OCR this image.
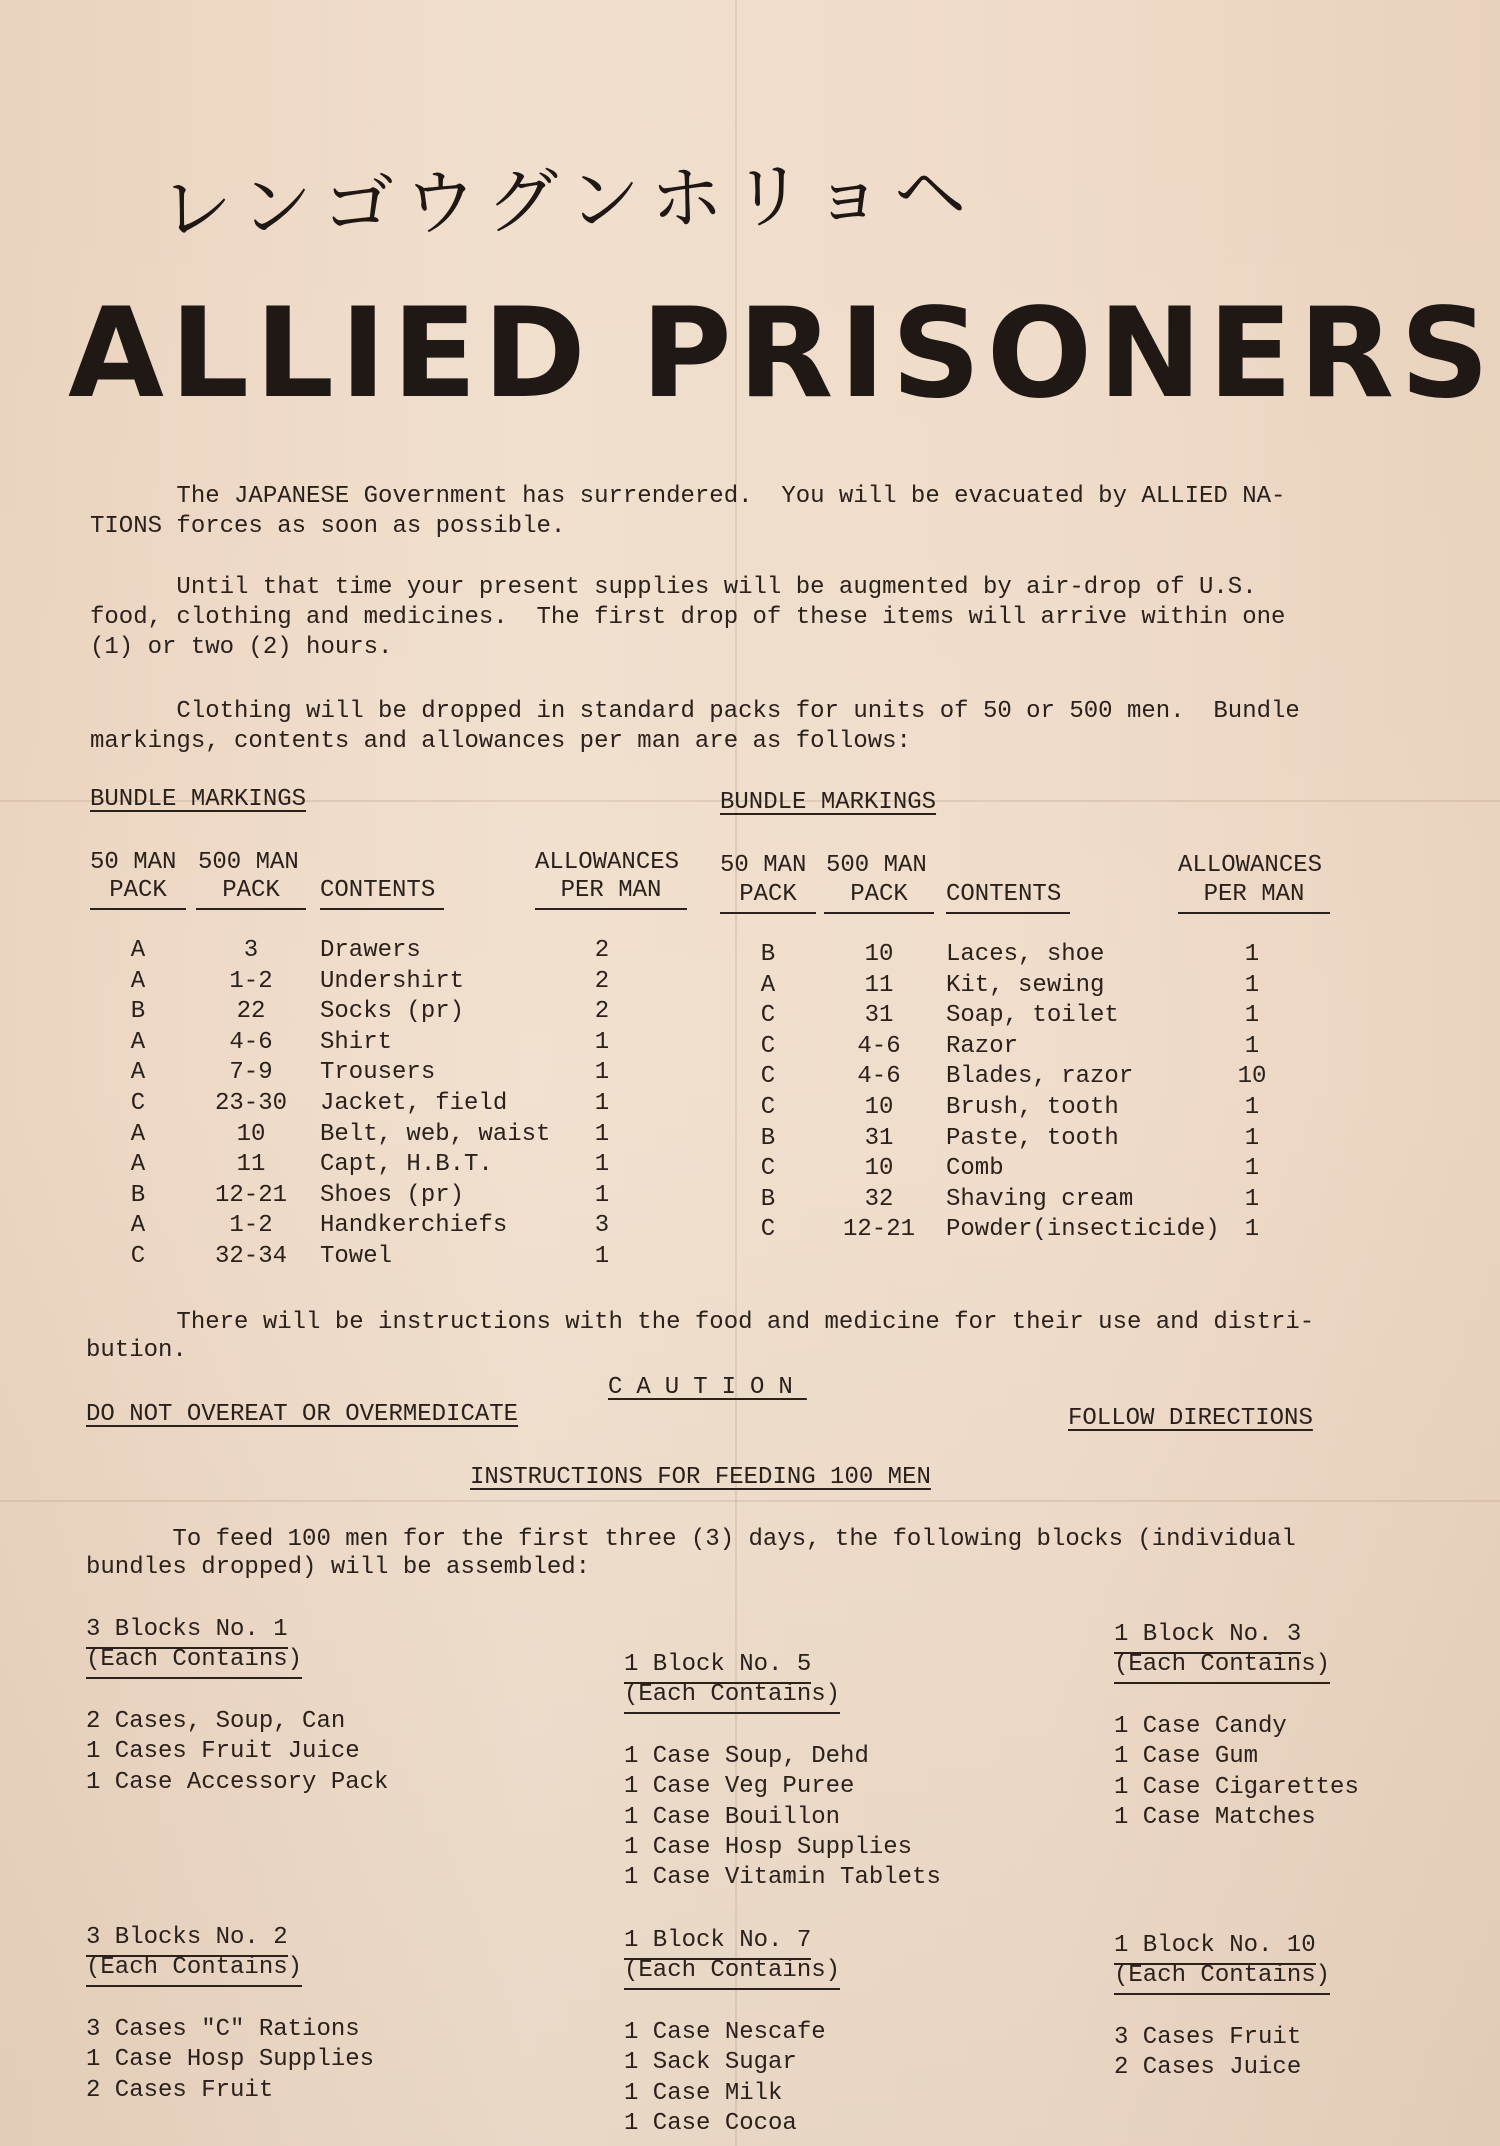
レンゴウグンホリョヘ
ALLIED PRISONERS
The JAPANESE Government has surrendered.  You will be evacuated by ALLIED NA-
TIONS forces as soon as possible.
Until that time your present supplies will be augmented by air-drop of U.S.
food, clothing and medicines.  The first drop of these items will arrive within one
(1) or two (2) hours.
Clothing will be dropped in standard packs for units of 50 or 500 men.  Bundle
markings, contents and allowances per man are as follows:
BUNDLE MARKINGS
50 MAN 500 MAN
PACK	PACK	CONTENTS
ALLOWANCES
PER MAN
BUNDLE MARKINGS
50 MAN 500 MAN
PACK	PACK	CONTENTS
ALLOWANCES
PER MAN
A	3	Drawers	2
A	1-2	Undershirt	2
B	22	Socks (pr)	2
A	4-6	Shirt	1
A	7-9	Trousers	1
C	23-30	Jacket, field	1
A	10	Belt, web, waist	1
A	11	Capt, H.B.T.	1
B	12-21	Shoes (pr)	1
A	1-2	Handkerchiefs	3
C	32-34	Towel	1
B	10	Laces, shoe	1
A	11	Kit, sewing	1
C	31	Soap, toilet	1
C	4-6	Razor	1
C	4-6	Blades, razor	10
C	10	Brush, tooth	1
B	31	Paste, tooth	1
C	10	Comb	1
B	32	Shaving cream	1
C	12-21	Powder(insecticide)	1
There will be instructions with the food and medicine for their use and distri-
bution.
CAUTION
DO NOT OVEREAT OR OVERMEDICATE	FOLLOW DIRECTIONS
INSTRUCTIONS FOR FEEDING 100 MEN
To feed 100 men for the first three (3) days, the following blocks (individual
bundles dropped) will be assembled:
3 Blocks No. 1
(Each Contains)
2 Cases, Soup, Can
1 Cases Fruit Juice
1 Case Accessory Pack
1 Block No. 5
(Each Contains)
1 Case Soup, Dehd
1 Case Veg Puree
1 Case Bouillon
1 Case Hosp Supplies
1 Case Vitamin Tablets
1 Block No. 3
(Each Contains)
1 Case Candy
1 Case Gum
1 Case Cigarettes
1 Case Matches
3 Blocks No. 2
(Each Contains)
3 Cases "C" Rations
1 Case Hosp Supplies
2 Cases Fruit
1 Block No. 7
(Each Contains)
1 Case Nescafe
1 Sack Sugar
1 Case Milk
1 Case Cocoa
1 Block No. 10
(Each Contains)
3 Cases Fruit
2 Cases Juice
